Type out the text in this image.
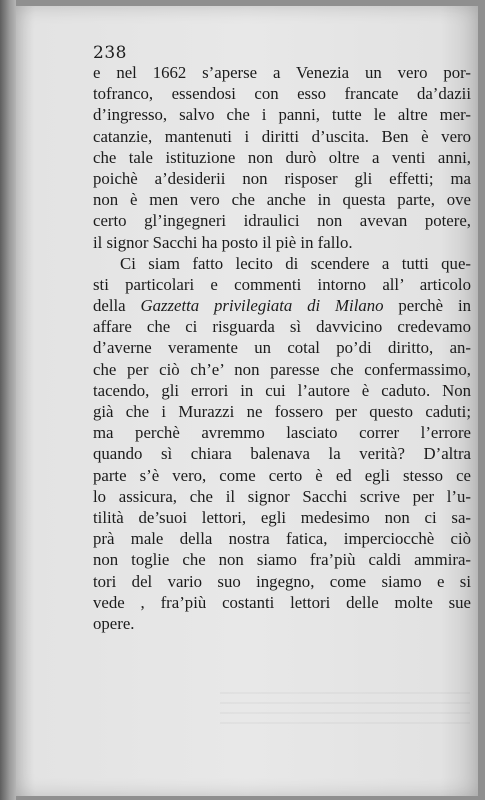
238
e nel 1662 s’aperse a Venezia un vero por-
tofranco, essendosi con esso francate da’dazii
d’ingresso, salvo che i panni, tutte le altre mer-
catanzie, mantenuti i diritti d’uscita. Ben è vero
che tale istituzione non durò oltre a venti anni,
poichè a’desiderii non risposer gli effetti; ma
non è men vero che anche in questa parte, ove
certo gl’ingegneri idraulici non avevan potere,
il signor Sacchi ha posto il piè in fallo.
Ci siam fatto lecito di scendere a tutti que-
sti particolari e commenti intorno all’ articolo
della Gazzetta privilegiata di Milano perchè in
affare che ci risguarda sì davvicino credevamo
d’averne veramente un cotal po’di diritto, an-
che per ciò ch’e’ non paresse che confermassimo,
tacendo, gli errori in cui l’autore è caduto. Non
già che i Murazzi ne fossero per questo caduti;
ma perchè avremmo lasciato correr l’errore
quando sì chiara balenava la verità? D’altra
parte s’è vero, come certo è ed egli stesso ce
lo assicura, che il signor Sacchi scrive per l’u-
tilità de’suoi lettori, egli medesimo non ci sa-
prà male della nostra fatica, imperciocchè ciò
non toglie che non siamo fra’più caldi ammira-
tori del vario suo ingegno, come siamo e si
vede , fra’più costanti lettori delle molte sue
opere.
